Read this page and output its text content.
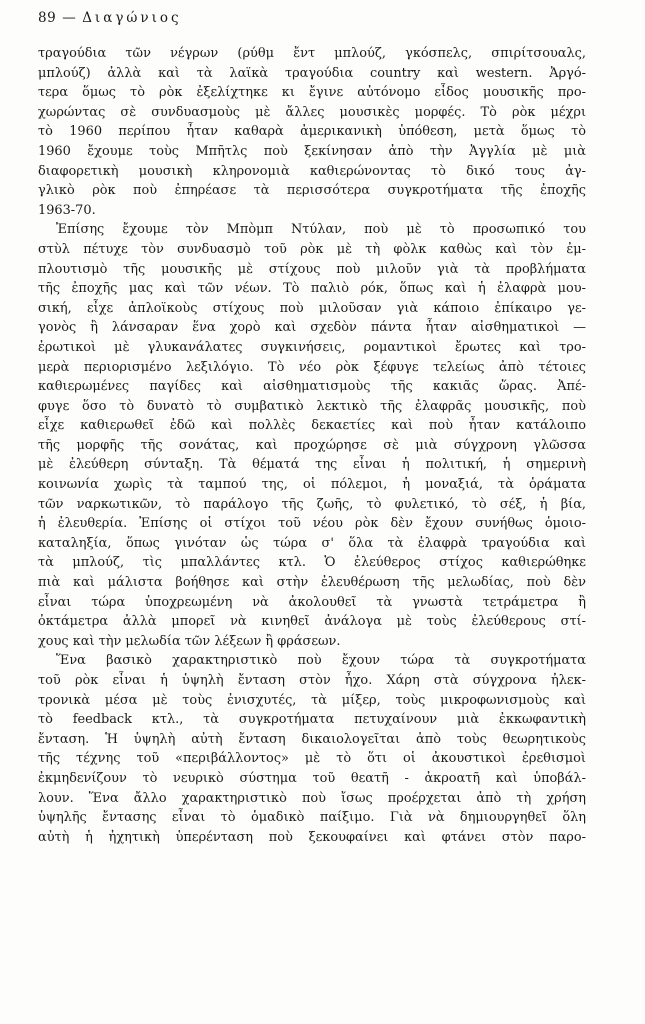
89 — Διαγώνιος
τραγούδια τῶν νέγρων (ρύθμ ἔντ μπλούζ, γκόσπελς, σπιρίτσουαλς,
μπλούζ) ἀλλὰ καὶ τὰ λαϊκὰ τραγούδια country καὶ western. Ἀργό-
τερα ὅμως τὸ ρὸκ ἐξελίχτηκε κι ἔγινε αὐτόνομο εἶδος μουσικῆς προ-
χωρώντας σὲ συνδυασμοὺς μὲ ἄλλες μουσικὲς μορφές. Τὸ ρὸκ μέχρι
τὸ 1960 περίπου ἦταν καθαρὰ ἀμερικανικὴ ὑπόθεση, μετὰ ὅμως τὸ
1960 ἔχουμε τοὺς Μπῆτλς ποὺ ξεκίνησαν ἀπὸ τὴν Ἀγγλία μὲ μιὰ
διαφορετικὴ μουσικὴ κληρονομιὰ καθιερώνοντας τὸ δικό τους ἀγ-
γλικὸ ρὸκ ποὺ ἐπηρέασε τὰ περισσότερα συγκροτήματα τῆς ἐποχῆς
1963-70.
Ἐπίσης ἔχουμε τὸν Μπὸμπ Ντύλαν, ποὺ μὲ τὸ προσωπικό του
στὺλ πέτυχε τὸν συνδυασμὸ τοῦ ρὸκ μὲ τὴ φὸλκ καθὼς καὶ τὸν ἐμ-
πλουτισμὸ τῆς μουσικῆς μὲ στίχους ποὺ μιλοῦν γιὰ τὰ προβλήματα
τῆς ἐποχῆς μας καὶ τῶν νέων. Τὸ παλιὸ ρόκ, ὅπως καὶ ἡ ἐλαφρὰ μου-
σική, εἶχε ἀπλοϊκοὺς στίχους ποὺ μιλοῦσαν γιὰ κάποιο ἐπίκαιρο γε-
γονὸς ἢ λάνσαραν ἕνα χορὸ καὶ σχεδὸν πάντα ἦταν αἰσθηματικοὶ —
ἐρωτικοὶ μὲ γλυκανάλατες συγκινήσεις, ρομαντικοὶ ἔρωτες καὶ τρο-
μερὰ περιορισμένο λεξιλόγιο. Τὸ νέο ρὸκ ξέφυγε τελείως ἀπὸ τέτοιες
καθιερωμένες παγίδες καὶ αἰσθηματισμοὺς τῆς κακιᾶς ὥρας. Ἀπέ-
φυγε ὅσο τὸ δυνατὸ τὸ συμβατικὸ λεκτικὸ τῆς ἐλαφρᾶς μουσικῆς, ποὺ
εἶχε καθιερωθεῖ ἐδῶ καὶ πολλὲς δεκαετίες καὶ ποὺ ἦταν κατάλοιπο
τῆς μορφῆς τῆς σονάτας, καὶ προχώρησε σὲ μιὰ σύγχρονη γλῶσσα
μὲ ἐλεύθερη σύνταξη. Τὰ θέματά της εἶναι ἡ πολιτική, ἡ σημερινὴ
κοινωνία χωρὶς τὰ ταμπού της, οἱ πόλεμοι, ἡ μοναξιά, τὰ ὁράματα
τῶν ναρκωτικῶν, τὸ παράλογο τῆς ζωῆς, τὸ φυλετικό, τὸ σέξ, ἡ βία,
ἡ ἐλευθερία. Ἐπίσης οἱ στίχοι τοῦ νέου ρὸκ δὲν ἔχουν συνήθως ὁμοιο-
καταληξία, ὅπως γινόταν ὡς τώρα σ' ὅλα τὰ ἐλαφρὰ τραγούδια καὶ
τὰ μπλούζ, τὶς μπαλλάντες κτλ. Ὁ ἐλεύθερος στίχος καθιερώθηκε
πιὰ καὶ μάλιστα βοήθησε καὶ στὴν ἐλευθέρωση τῆς μελωδίας, ποὺ δὲν
εἶναι τώρα ὑποχρεωμένη νὰ ἀκολουθεῖ τὰ γνωστὰ τετράμετρα ἢ
ὀκτάμετρα ἀλλὰ μπορεῖ νὰ κινηθεῖ ἀνάλογα μὲ τοὺς ἐλεύθερους στί-
χους καὶ τὴν μελωδία τῶν λέξεων ἢ φράσεων.
Ἕνα βασικὸ χαρακτηριστικὸ ποὺ ἔχουν τώρα τὰ συγκροτήματα
τοῦ ρὸκ εἶναι ἡ ὑψηλὴ ἔνταση στὸν ἦχο. Χάρη στὰ σύγχρονα ἠλεκ-
τρονικὰ μέσα μὲ τοὺς ἐνισχυτές, τὰ μίξερ, τοὺς μικροφωνισμοὺς καὶ
τὸ feedback κτλ., τὰ συγκροτήματα πετυχαίνουν μιὰ ἐκκωφαντικὴ
ἔνταση. Ἡ ὑψηλὴ αὐτὴ ἔνταση δικαιολογεῖται ἀπὸ τοὺς θεωρητικοὺς
τῆς τέχνης τοῦ «περιβάλλοντος» μὲ τὸ ὅτι οἱ ἀκουστικοὶ ἐρεθισμοὶ
ἐκμηδενίζουν τὸ νευρικὸ σύστημα τοῦ θεατῆ - ἀκροατῆ καὶ ὑποβάλ-
λουν. Ἕνα ἄλλο χαρακτηριστικὸ ποὺ ἴσως προέρχεται ἀπὸ τὴ χρήση
ὑψηλῆς ἔντασης εἶναι τὸ ὁμαδικὸ παίξιμο. Γιὰ νὰ δημιουργηθεῖ ὅλη
αὐτὴ ἡ ἠχητικὴ ὑπερένταση ποὺ ξεκουφαίνει καὶ φτάνει στὸν παρο-
